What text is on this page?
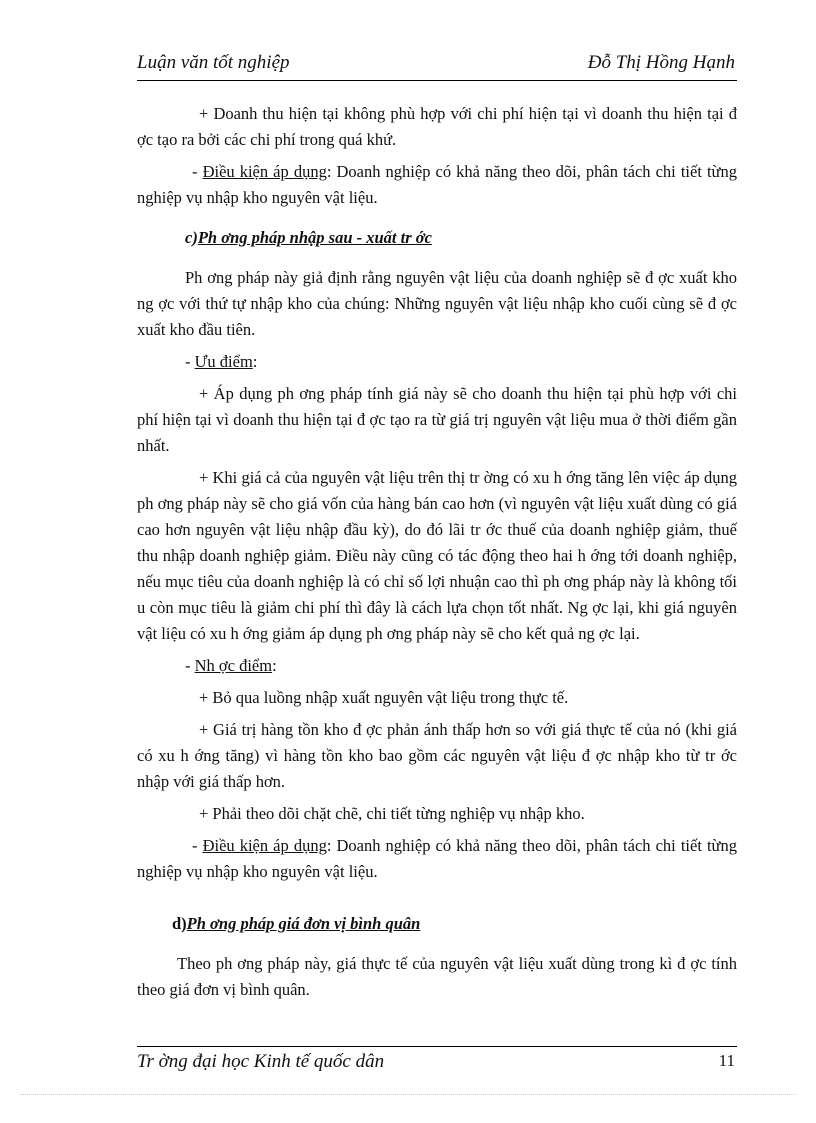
Luận văn tốt nghiệp	Đỗ Thị Hồng Hạnh

+ Doanh thu hiện tại không phù hợp với chi phí hiện tại vì doanh thu hiện tại đ ợc tạo ra bởi các chi phí trong quá khứ.

- Điều kiện áp dụng: Doanh nghiệp có khả năng theo dõi, phân tách chi tiết từng nghiệp vụ nhập kho nguyên vật liệu.

c)Ph ơng pháp nhập sau - xuất tr ớc

Ph ơng pháp này giả định rằng nguyên vật liệu của doanh nghiệp sẽ đ ợc xuất kho ng ợc với thứ tự nhập kho của chúng: Những nguyên vật liệu nhập kho cuối cùng sẽ đ ợc xuất kho đầu tiên.

- Ưu điểm:

+ Áp dụng ph ơng pháp tính giá này sẽ cho doanh thu hiện tại phù hợp với chi phí hiện tại vì doanh thu hiện tại đ ợc tạo ra từ giá trị nguyên vật liệu mua ở thời điểm gần nhất.

+ Khi giá cả của nguyên vật liệu trên thị tr ờng có xu h ớng tăng lên việc áp dụng ph ơng pháp này sẽ cho giá vốn của hàng bán cao hơn (vì nguyên vật liệu xuất dùng có giá cao hơn nguyên vật liệu nhập đầu kỳ), do đó lãi tr ớc thuế của doanh nghiệp giảm, thuế thu nhập doanh nghiệp giảm. Điều này cũng có tác động theo hai h ớng tới doanh nghiệp, nếu mục tiêu của doanh nghiệp là có chỉ số lợi nhuận cao thì ph ơng pháp này là không tối u còn mục tiêu là giảm chi phí thì đây là cách lựa chọn tốt nhất. Ng ợc lại, khi giá nguyên vật liệu có xu h ớng giảm áp dụng ph ơng pháp này sẽ cho kết quả ng ợc lại.

- Nh ợc điểm:

+ Bỏ qua luồng nhập xuất nguyên vật liệu trong thực tế.

+ Giá trị hàng tồn kho đ ợc phản ánh thấp hơn so với giá thực tế của nó (khi giá có xu h ớng tăng) vì hàng tồn kho bao gồm các nguyên vật liệu đ ợc nhập kho từ tr ớc nhập với giá thấp hơn.

+ Phải theo dõi chặt chẽ, chi tiết từng nghiệp vụ nhập kho.

- Điều kiện áp dụng: Doanh nghiệp có khả năng theo dõi, phân tách chi tiết từng nghiệp vụ nhập kho nguyên vật liệu.

d)Ph ơng pháp giá đơn vị bình quân

Theo ph ơng pháp này, giá thực tế của nguyên vật liệu xuất dùng trong kì đ ợc tính theo giá đơn vị bình quân.

Tr ờng đại học Kinh tế quốc dân	11
